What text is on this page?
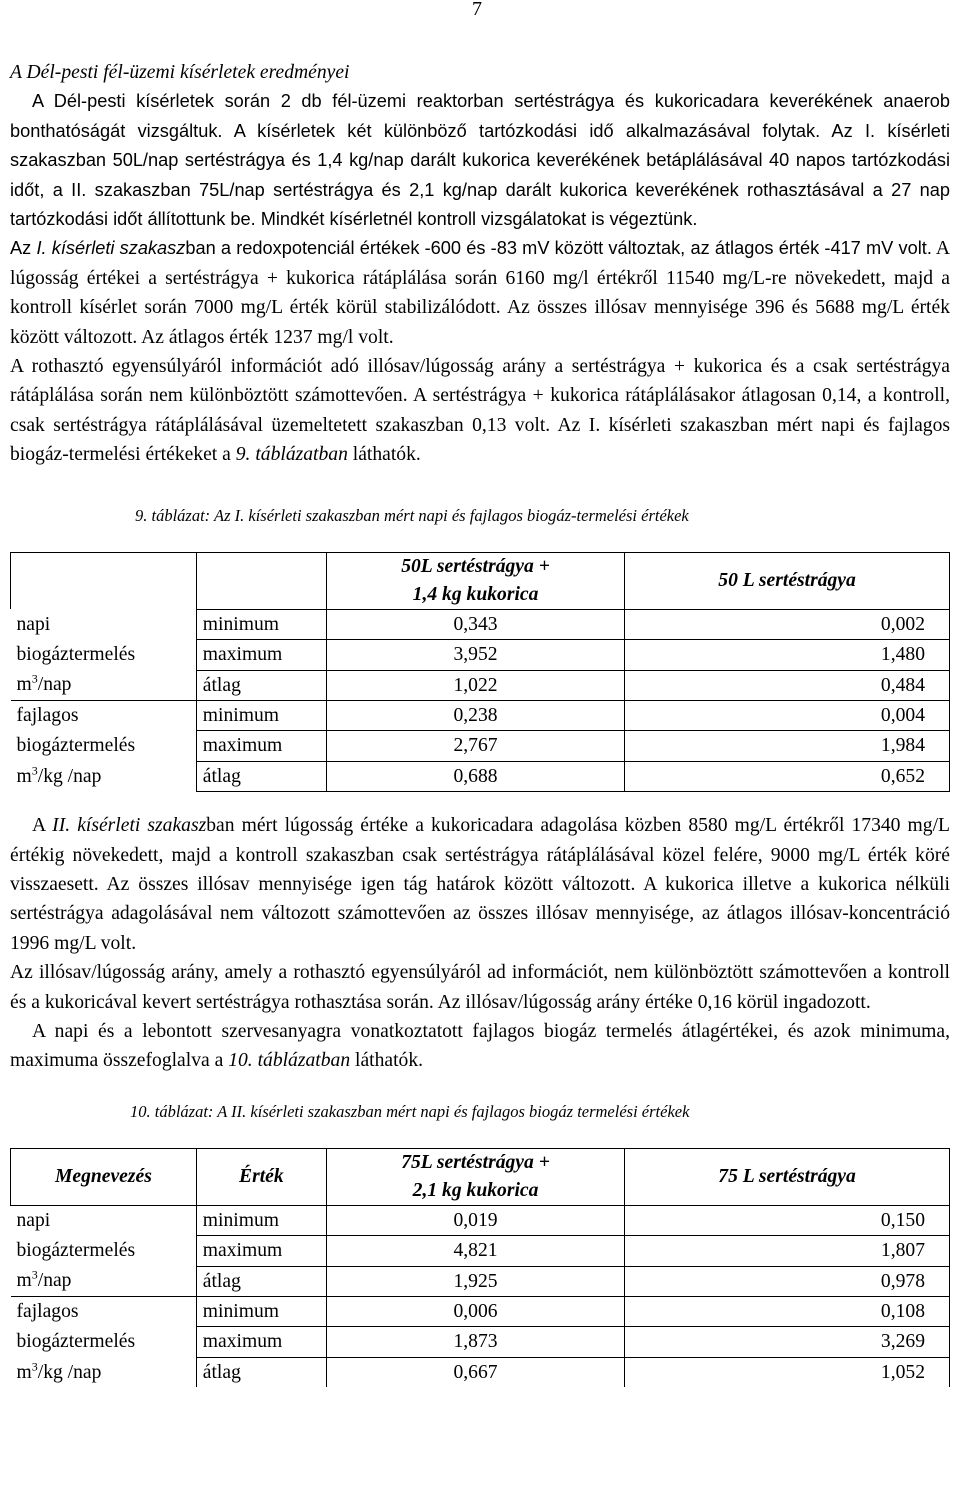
7

A Dél-pesti fél-üzemi kísérletek eredményei

A Dél-pesti kísérletek során 2 db fél-üzemi reaktorban sertéstrágya és kukoricadara keverékének anaerob bonthatóságát vizsgáltuk. A kísérletek két különböző tartózkodási idő alkalmazásával folytak. Az I. kísérleti szakaszban 50L/nap sertéstrágya és 1,4 kg/nap darált kukorica keverékének betáplálásával 40 napos tartózkodási időt, a II. szakaszban 75L/nap sertéstrágya és 2,1 kg/nap darált kukorica keverékének rothasztásával a 27 nap tartózkodási időt állítottunk be. Mindkét kísérletnél kontroll vizsgálatokat is végeztünk.

Az I. kísérleti szakaszban a redoxpotenciál értékek -600 és -83 mV között változtak, az átlagos érték -417 mV volt. A lúgosság értékei a sertéstrágya + kukorica rátáplálása során 6160 mg/l értékről 11540 mg/L-re növekedett, majd a kontroll kísérlet során 7000 mg/L érték körül stabilizálódott. Az összes illósav mennyisége 396 és 5688 mg/L érték között változott. Az átlagos érték 1237 mg/l volt.

A rothasztó egyensúlyáról információt adó illósav/lúgosság arány a sertéstrágya + kukorica és a csak sertéstrágya rátáplálása során nem különböztött számottevően. A sertéstrágya + kukorica rátáplálásakor átlagosan 0,14, a kontroll, csak sertéstrágya rátáplálásával üzemeltetett szakaszban 0,13 volt. Az I. kísérleti szakaszban mért napi és fajlagos biogáz-termelési értékeket a 9. táblázatban láthatók.

9. táblázat: Az I. kísérleti szakaszban mért napi és fajlagos biogáz-termelési értékek

		50L sertéstrágya +
1,4 kg kukorica	50 L sertéstrágya
napi	minimum	0,343	0,002
biogáztermelés	maximum	3,952	1,480
$m^3$/nap	átlag	1,022	0,484
fajlagos	minimum	0,238	0,004
biogáztermelés	maximum	2,767	1,984
$m^3/kg$ /nap	átlag	0,688	0,652

A II. kísérleti szakaszban mért lúgosság értéke a kukoricadara adagolása közben 8580 mg/L értékről 17340 mg/L értékig növekedett, majd a kontroll szakaszban csak sertéstrágya rátáplálásával közel felére, 9000 mg/L érték köré visszaesett. Az összes illósav mennyisége igen tág határok között változott. A kukorica illetve a kukorica nélküli sertéstrágya adagolásával nem változott számottevően az összes illósav mennyisége, az átlagos illósav-koncentráció 1996 mg/L volt.

Az illósav/lúgosság arány, amely a rothasztó egyensúlyáról ad információt, nem különböztött számottevően a kontroll és a kukoricával kevert sertéstrágya rothasztása során. Az illósav/lúgosság arány értéke 0,16 körül ingadozott.

A napi és a lebontott szervesanyagra vonatkoztatott fajlagos biogáz termelés átlagértékei, és azok minimuma, maximuma összefoglalva a 10. táblázatban láthatók.

10. táblázat: A II. kísérleti szakaszban mért napi és fajlagos biogáz termelési értékek

Megnevezés	Érték	75L sertéstrágya +
2,1 kg kukorica	75 L sertéstrágya
napi	minimum	0,019	0,150
biogáztermelés	maximum	4,821	1,807
$m^3$/nap	átlag	1,925	0,978
fajlagos	minimum	0,006	0,108
biogáztermelés	maximum	1,873	3,269
$m^3/kg$ /nap	átlag	0,667	1,052
